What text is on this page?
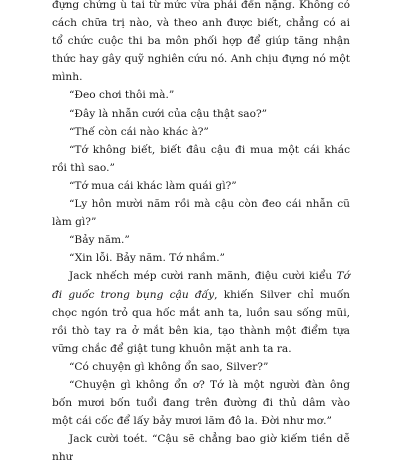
đựng chứng ù tai từ mức vừa phải đến nặng. Không có cách chữa trị nào, và theo anh được biết, chẳng có ai tổ chức cuộc thi ba môn phối hợp để giúp tăng nhận thức hay gây quỹ nghiên cứu nó. Anh chịu đựng nó một mình.

“Đeo chơi thôi mà.”

“Đây là nhẫn cưới của cậu thật sao?”

“Thế còn cái nào khác à?”

“Tớ không biết, biết đâu cậu đi mua một cái khác rồi thì sao.”

“Tớ mua cái khác làm quái gì?”

“Ly hôn mười năm rồi mà cậu còn đeo cái nhẫn cũ làm gì?”

“Bảy năm.”

“Xin lỗi. Bảy năm. Tớ nhầm.”

Jack nhếch mép cười ranh mãnh, điệu cười kiểu Tớ đi guốc trong bụng cậu đấy, khiến Silver chỉ muốn chọc ngón trỏ qua hốc mắt anh ta, luồn sau sống mũi, rồi thò tay ra ở mắt bên kia, tạo thành một điểm tựa vững chắc để giật tung khuôn mặt anh ta ra.

“Có chuyện gì không ổn sao, Silver?”

“Chuyện gì không ổn ơ? Tớ là một người đàn ông bốn mươi bốn tuổi đang trên đường đi thủ dâm vào một cái cốc để lấy bảy mươi lăm đô la. Đời như mơ.”

Jack cười toét. “Cậu sẽ chẳng bao giờ kiếm tiền dễ như
